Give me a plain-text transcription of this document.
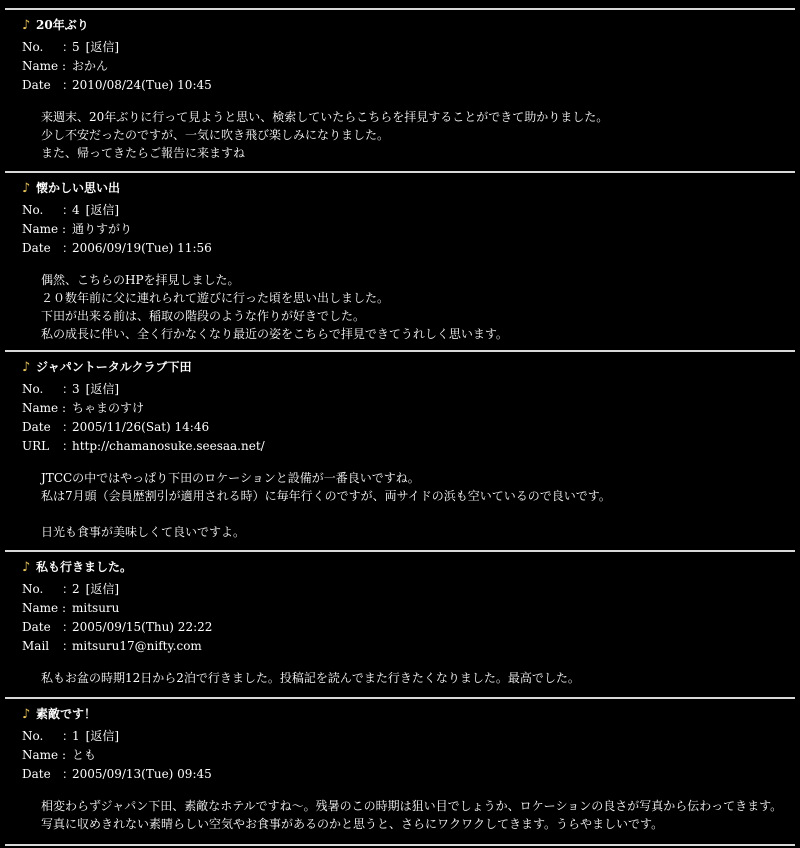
♪ 20年ぶり
No. ：5 [返信]
Name : おかん
Date ：2010/08/24(Tue) 10:45
来週末、20年ぶりに行って見ようと思い、検索していたらこちらを拝見することができて助かりました。
少し不安だったのですが、一気に吹き飛び楽しみになりました。
また、帰ってきたらご報告に来ますね
♪ 懐かしい思い出
No. ：4 [返信]
Name : 通りすがり
Date ：2006/09/19(Tue) 11:56
偶然、こちらのHPを拝見しました。
２０数年前に父に連れられて遊びに行った頃を思い出しました。
下田が出来る前は、稲取の階段のような作りが好きでした。
私の成長に伴い、全く行かなくなり最近の姿をこちらで拝見できてうれしく思います。
♪ ジャパントータルクラブ下田
No. ：3 [返信]
Name : ちゃまのすけ
Date ：2005/11/26(Sat) 14:46
URL ：http://chamanosuke.seesaa.net/
JTCCの中ではやっぱり下田のロケーションと設備が一番良いですね。
私は7月頭（会員歴割引が適用される時）に毎年行くのですが、両サイドの浜も空いているので良いです。
日光も食事が美味しくて良いですよ。
♪ 私も行きました。
No. ：2 [返信]
Name : mitsuru
Date ：2005/09/15(Thu) 22:22
Mail ：mitsuru17@nifty.com
私もお盆の時期12日から2泊で行きました。投稿記を読んでまた行きたくなりました。最高でした。
♪ 素敵です！
No. ：1 [返信]
Name : とも
Date ：2005/09/13(Tue) 09:45
相変わらずジャパン下田、素敵なホテルですね〜。残暑のこの時期は狙い目でしょうか、ロケーションの良さが写真から伝わってきます。
写真に収めきれない素晴らしい空気やお食事があるのかと思うと、さらにワクワクしてきます。うらやましいです。
